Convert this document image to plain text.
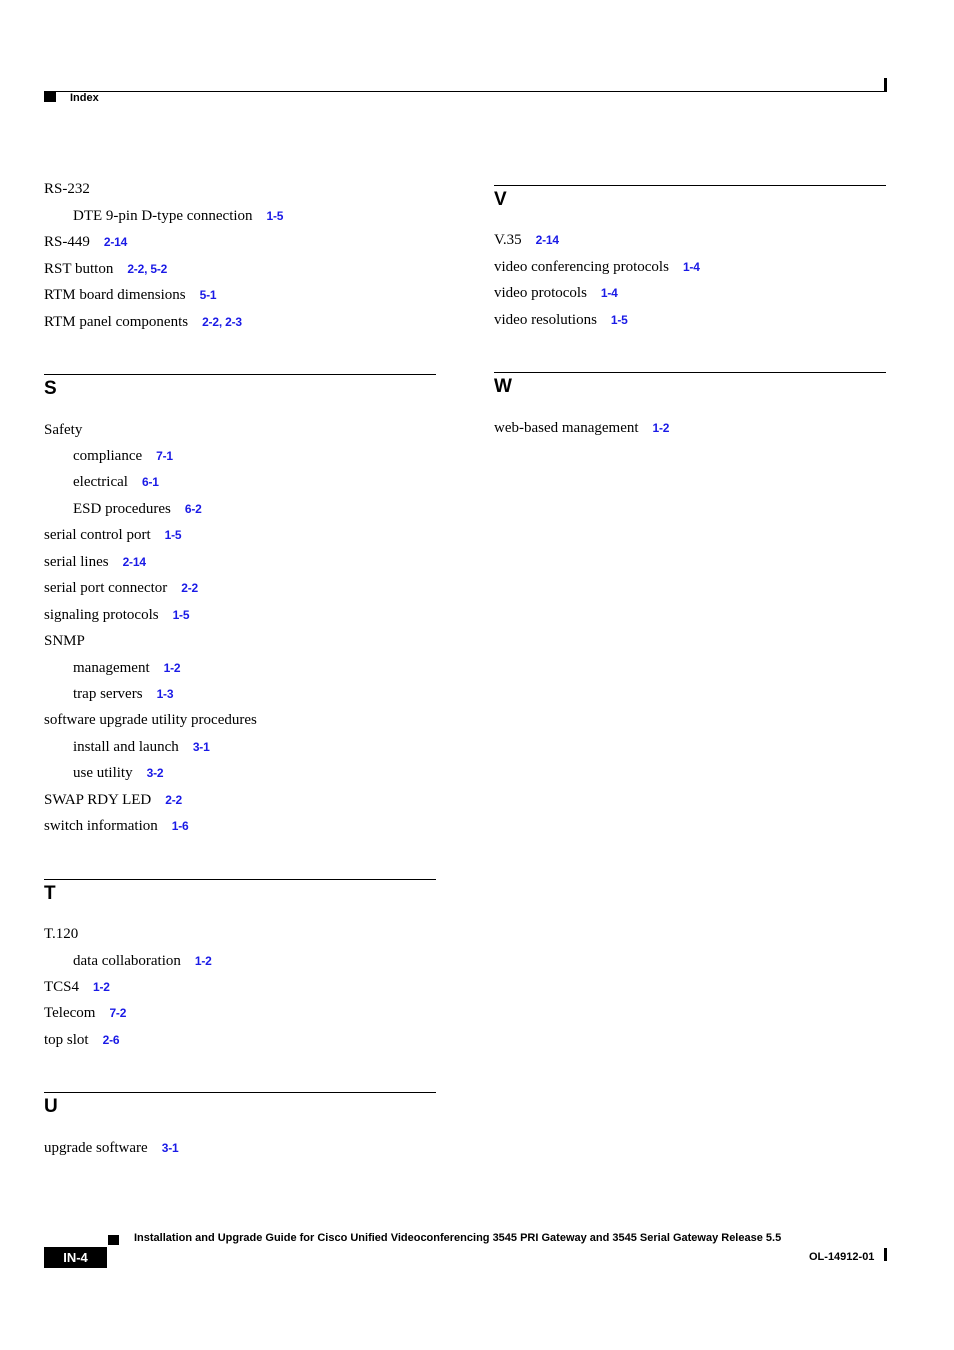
Index
RS-232
DTE 9-pin D-type connection 1-5
RS-449 2-14
RST button 2-2, 5-2
RTM board dimensions 5-1
RTM panel components 2-2, 2-3
S
Safety
compliance 7-1
electrical 6-1
ESD procedures 6-2
serial control port 1-5
serial lines 2-14
serial port connector 2-2
signaling protocols 1-5
SNMP
management 1-2
trap servers 1-3
software upgrade utility procedures
install and launch 3-1
use utility 3-2
SWAP RDY LED 2-2
switch information 1-6
T
T.120
data collaboration 1-2
TCS4 1-2
Telecom 7-2
top slot 2-6
U
upgrade software 3-1
V
V.35 2-14
video conferencing protocols 1-4
video protocols 1-4
video resolutions 1-5
W
web-based management 1-2
Installation and Upgrade Guide for Cisco Unified Videoconferencing 3545 PRI Gateway and 3545 Serial Gateway Release 5.5
IN-4	OL-14912-01
